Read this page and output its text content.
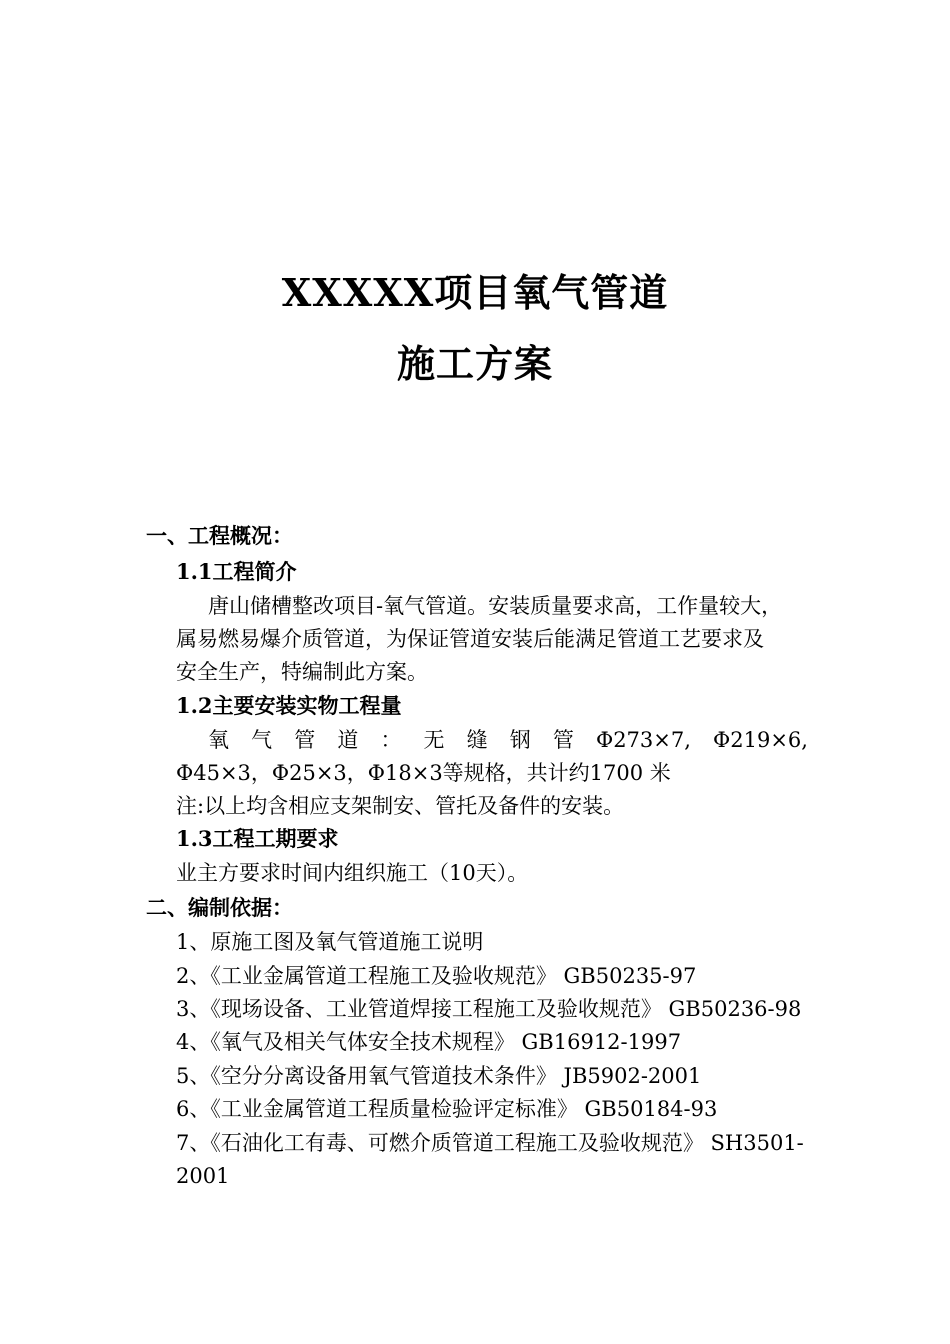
XXXXX项目氧气管道
施工方案
一、工程概况：
1.1工程简介
唐山储槽整改项目-氧气管道。安装质量要求高，工作量较大，
属易燃易爆介质管道，为保证管道安装后能满足管道工艺要求及
安全生产，特编制此方案。
1.2主要安装实物工程量
氧 气 管 道 ： 无 缝 钢 管 Φ273×7, Φ219×6,
Φ45×3，Φ25×3，Φ18×3等规格，共计约1700 米
注:以上均含相应支架制安、管托及备件的安装。
1.3工程工期要求
业主方要求时间内组织施工（10天）。
二、编制依据：
1、原施工图及氧气管道施工说明
2、《工业金属管道工程施工及验收规范》 GB50235-97
3、《现场设备、工业管道焊接工程施工及验收规范》 GB50236-98
4、《氧气及相关气体安全技术规程》 GB16912-1997
5、《空分分离设备用氧气管道技术条件》 JB5902-2001
6、《工业金属管道工程质量检验评定标准》 GB50184-93
7、《石油化工有毒、可燃介质管道工程施工及验收规范》 SH3501-
2001
